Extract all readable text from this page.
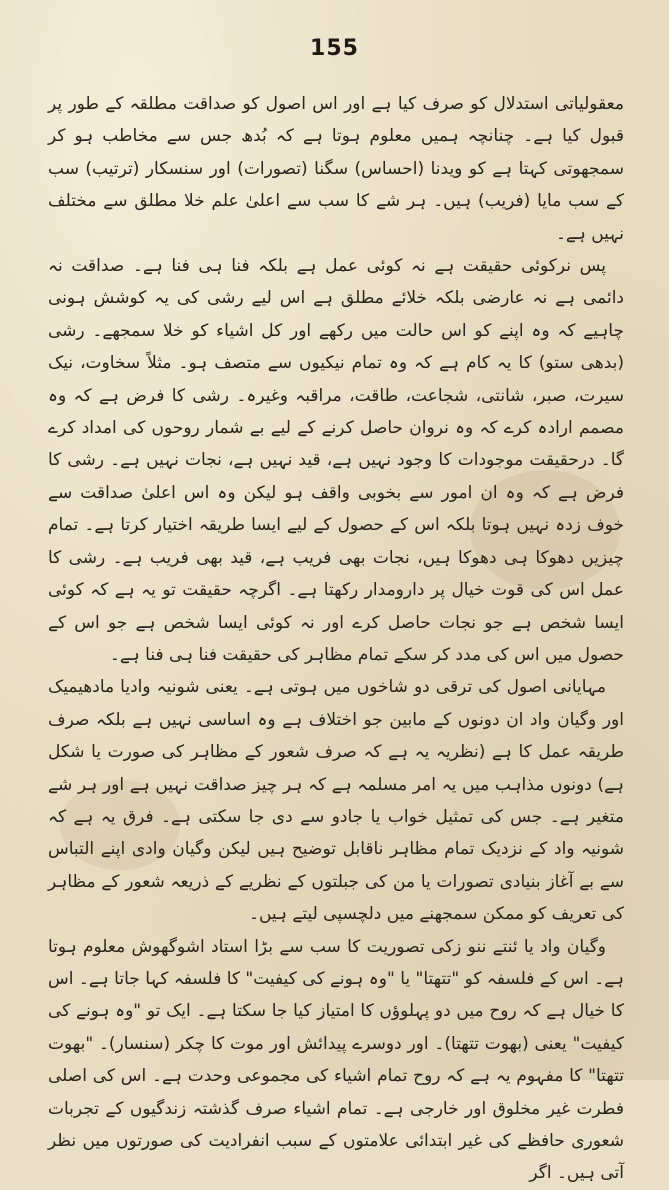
155

معقولیاتی استدلال کو صرف کیا ہے اور اس اصول کو صداقت مطلقہ کے طور پر قبول کیا ہے۔ چنانچہ ہمیں معلوم ہوتا ہے کہ بُدھ جس سے مخاطب ہو کر سمجھوتی کہتا ہے کو ویدنا (احساس) سگنا (تصورات) اور سنسکار (ترتیب) سب کے سب مایا (فریب) ہیں۔ ہر شے کا سب سے اعلیٰ علم خلا مطلق سے مختلف نہیں ہے۔

پس نرکوئی حقیقت ہے نہ کوئی عمل ہے بلکہ فنا ہی فنا ہے۔ صداقت نہ دائمی ہے نہ عارضی بلکہ خلائے مطلق ہے اس لیے رشی کی یہ کوشش ہونی چاہیے کہ وہ اپنے کو اس حالت میں رکھے اور کل اشیاء کو خلا سمجھے۔ رشی (بدھی ستو) کا یہ کام ہے کہ وہ تمام نیکیوں سے متصف ہو۔ مثلاً سخاوت، نیک سیرت، صبر، شانتی، شجاعت، طاقت، مراقبہ وغیرہ۔ رشی کا فرض ہے کہ وہ مصمم ارادہ کرے کہ وہ نروان حاصل کرنے کے لیے بے شمار روحوں کی امداد کرے گا۔ درحقیقت موجودات کا وجود نہیں ہے، قید نہیں ہے، نجات نہیں ہے۔ رشی کا فرض ہے کہ وہ ان امور سے بخوبی واقف ہو لیکن وہ اس اعلیٰ صداقت سے خوف زدہ نہیں ہوتا بلکہ اس کے حصول کے لیے ایسا طریقہ اختیار کرتا ہے۔ تمام چیزیں دھوکا ہی دھوکا ہیں، نجات بھی فریب ہے، قید بھی فریب ہے۔ رشی کا عمل اس کی قوت خیال پر دارومدار رکھتا ہے۔ اگرچہ حقیقت تو یہ ہے کہ کوئی ایسا شخص ہے جو نجات حاصل کرے اور نہ کوئی ایسا شخص ہے جو اس کے حصول میں اس کی مدد کر سکے تمام مظاہر کی حقیقت فنا ہی فنا ہے۔

مہایانی اصول کی ترقی دو شاخوں میں ہوتی ہے۔ یعنی شونیہ وادیا مادھیمیک اور وگیان واد ان دونوں کے مابین جو اختلاف ہے وہ اساسی نہیں ہے بلکہ صرف طریقہ عمل کا ہے (نظریہ یہ ہے کہ صرف شعور کے مظاہر کی صورت یا شکل ہے) دونوں مذاہب میں یہ امر مسلمہ ہے کہ ہر چیز صداقت نہیں ہے اور ہر شے متغیر ہے۔ جس کی تمثیل خواب یا جادو سے دی جا سکتی ہے۔ فرق یہ ہے کہ شونیہ واد کے نزدیک تمام مظاہر ناقابل توضیح ہیں لیکن وگیان وادی اپنے التباس سے بے آغاز بنیادی تصورات یا من کی جبلتوں کے نظریے کے ذریعہ شعور کے مظاہر کی تعریف کو ممکن سمجھنے میں دلچسپی لیتے ہیں۔

وگیان واد یا ئنتے ننو زکی تصوریت کا سب سے بڑا استاد اشوگھوش معلوم ہوتا ہے۔ اس کے فلسفہ کو "تتھتا" یا "وہ ہونے کی کیفیت" کا فلسفہ کہا جاتا ہے۔ اس کا خیال ہے کہ روح میں دو پہلوؤں کا امتیاز کیا جا سکتا ہے۔ ایک تو "وہ ہونے کی کیفیت" یعنی (بھوت تتھتا)۔ اور دوسرے پیدائش اور موت کا چکر (سنسار)۔ "بھوت تتھتا" کا مفہوم یہ ہے کہ روح تمام اشیاء کی مجموعی وحدت ہے۔ اس کی اصلی فطرت غیر مخلوق اور خارجی ہے۔ تمام اشیاء صرف گذشتہ زندگیوں کے تجربات شعوری حافظے کی غیر ابتدائی علامتوں کے سبب انفرادیت کی صورتوں میں نظر آتی ہیں۔ اگر
